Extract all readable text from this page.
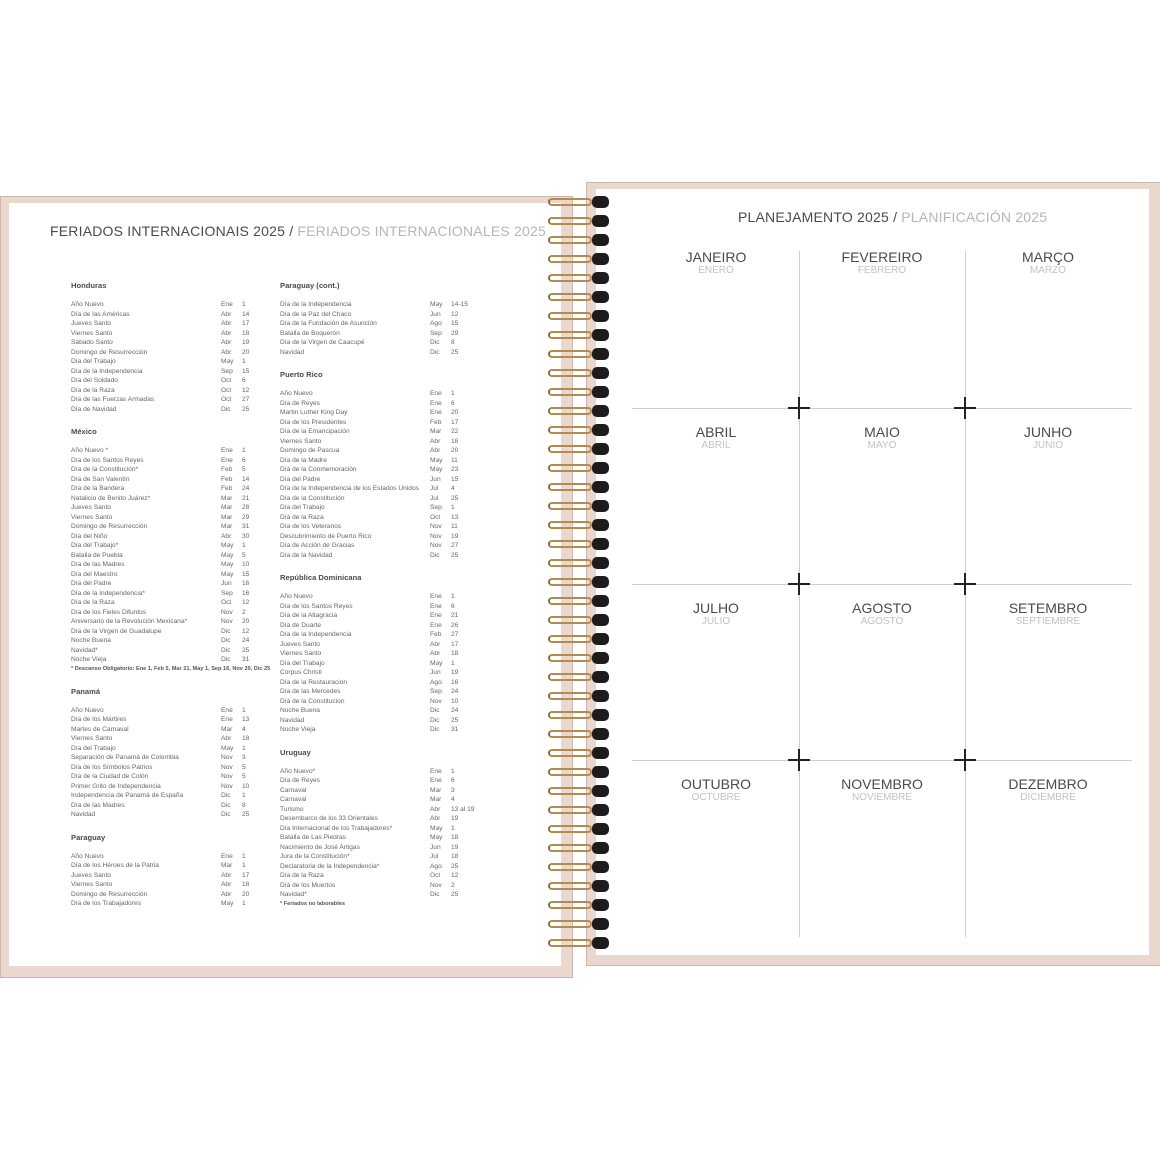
FERIADOS INTERNACIONAIS 2025 / FERIADOS INTERNACIONALES 2025
Honduras
Año Nuevo	Ene 1
Día de las Américas	Abr 14
Jueves Santo	Abr 17
Viernes Santo	Abr 18
Sábado Santo	Abr 19
Domingo de Resurrección	Abr 20
Día del Trabajo	May 1
Día de la Independencia	Sep 15
Día del Soldado	Oct 6
Día de la Raza	Oct 12
Día de las Fuerzas Armadas	Oct 27
Día de Navidad	Dic 25
México
Año Nuevo *	Ene 1
Día de los Santos Reyes	Ene 6
Día de la Constitución*	Feb 5
Día de San Valentín	Feb 14
Día de la Bandera	Feb 24
Natalicio de Benito Juárez*	Mar 21
Jueves Santo	Mar 28
Viernes Santo	Mar 29
Domingo de Resurrección	Mar 31
Día del Niño	Abr 30
Día del Trabajo*	May 1
Batalla de Puebla	May 5
Día de las Madres	May 10
Día del Maestro	May 15
Día del Padre	Jun 16
Día de la Independencia*	Sep 16
Día de la Raza	Oct 12
Día de los Fieles Difuntos	Nov 2
Aniversario de la Revolución Mexicana*	Nov 20
Día de la Virgen de Guadalupe	Dic 12
Noche Buena	Dic 24
Navidad*	Dic 25
Noche Vieja	Dic 31
* Descanso Obligatorio: Ene 1, Feb 5, Mar 21, May 1, Sep 16, Nov 20, Dic 25
Panamá
Año Nuevo	Ene 1
Día de los Mártires	Ene 13
Martes de Carnaval	Mar 4
Viernes Santo	Abr 18
Día del Trabajo	May 1
Separación de Panamá de Colombia	Nov 3
Día de los Símbolos Patrios	Nov 5
Día de la Ciudad de Colón	Nov 5
Primer Grito de Independencia	Nov 10
Independencia de Panamá de España	Dic 1
Día de las Madres	Dic 8
Navidad	Dic 25
Paraguay
Año Nuevo	Ene 1
Día de los Héroes de la Patria	Mar 1
Jueves Santo	Abr 17
Viernes Santo	Abr 18
Domingo de Resurrección	Abr 20
Día de los Trabajadores	May 1
Paraguay (cont.)
Día de la Independencia	May 14-15
Día de la Paz del Chaco	Jun 12
Día de la Fundación de Asunción	Ago 15
Batalla de Boquerón	Sep 29
Día de la Virgen de Caacupé	Dic 8
Navidad	Dic 25
Puerto Rico
Año Nuevo	Ene 1
Día de Reyes	Ene 6
Martin Luther King Day	Ene 20
Día de los Presidentes	Feb 17
Día de la Emancipación	Mar 22
Viernes Santo	Abr 18
Domingo de Pascua	Abr 20
Día de la Madre	May 11
Día de la Conmemoración	May 23
Día del Padre	Jun 15
Día de la Independencia de los Estados Unidos Jul 4
Día de la Constitución	Jul 25
Día del Trabajo	Sep 1
Día de la Raza	Oct 13
Día de los Veteranos	Nov 11
Descubrimiento de Puerto Rico	Nov 19
Día de Acción de Gracias	Nov 27
Día de la Navidad	Dic 25
República Dominicana
Año Nuevo	Ene 1
Día de los Santos Reyes	Ene 6
Día de la Altagracia	Ene 21
Día de Duarte	Ene 26
Día de la Independencia	Feb 27
Jueves Santo	Abr 17
Viernes Santo	Abr 18
Día del Trabajo	May 1
Corpus Christi	Jun 19
Día de la Restauracion	Ago 16
Día de las Mercedes	Sep 24
Día de la Constitucion	Nov 10
Noche Buena	Dic 24
Navidad	Dic 25
Noche Vieja	Dic 31
Uruguay
Año Nuevo*	Ene 1
Día de Reyes	Ene 6
Carnaval	Mar 3
Carnaval	Mar 4
Turismo	Abr 13 al 19
Desembarco de los 33 Orientales	Abr 19
Día Internacional de los Trabajadores*	May 1
Batalla de Las Piedras	May 18
Nacimiento de José Artigas	Jun 19
Jura de la Constitución*	Jul 18
Declaratoria de la Independencia*	Ago 25
Día de la Raza	Oct 12
Día de los Muertos	Nov 2
Navidad*	Dic 25
* Feriados no laborables
PLANEJAMENTO 2025 / PLANIFICACIÓN 2025
JANEIRO
ENERO
FEVEREIRO
FEBRERO
MARÇO
MARZO
ABRIL
ABRIL
MAIO
MAYO
JUNHO
JUNIO
JULHO
JULIO
AGOSTO
AGOSTO
SETEMBRO
SEPTIEMBRE
OUTUBRO
OCTUBRE
NOVEMBRO
NOVIEMBRE
DEZEMBRO
DICIEMBRE
